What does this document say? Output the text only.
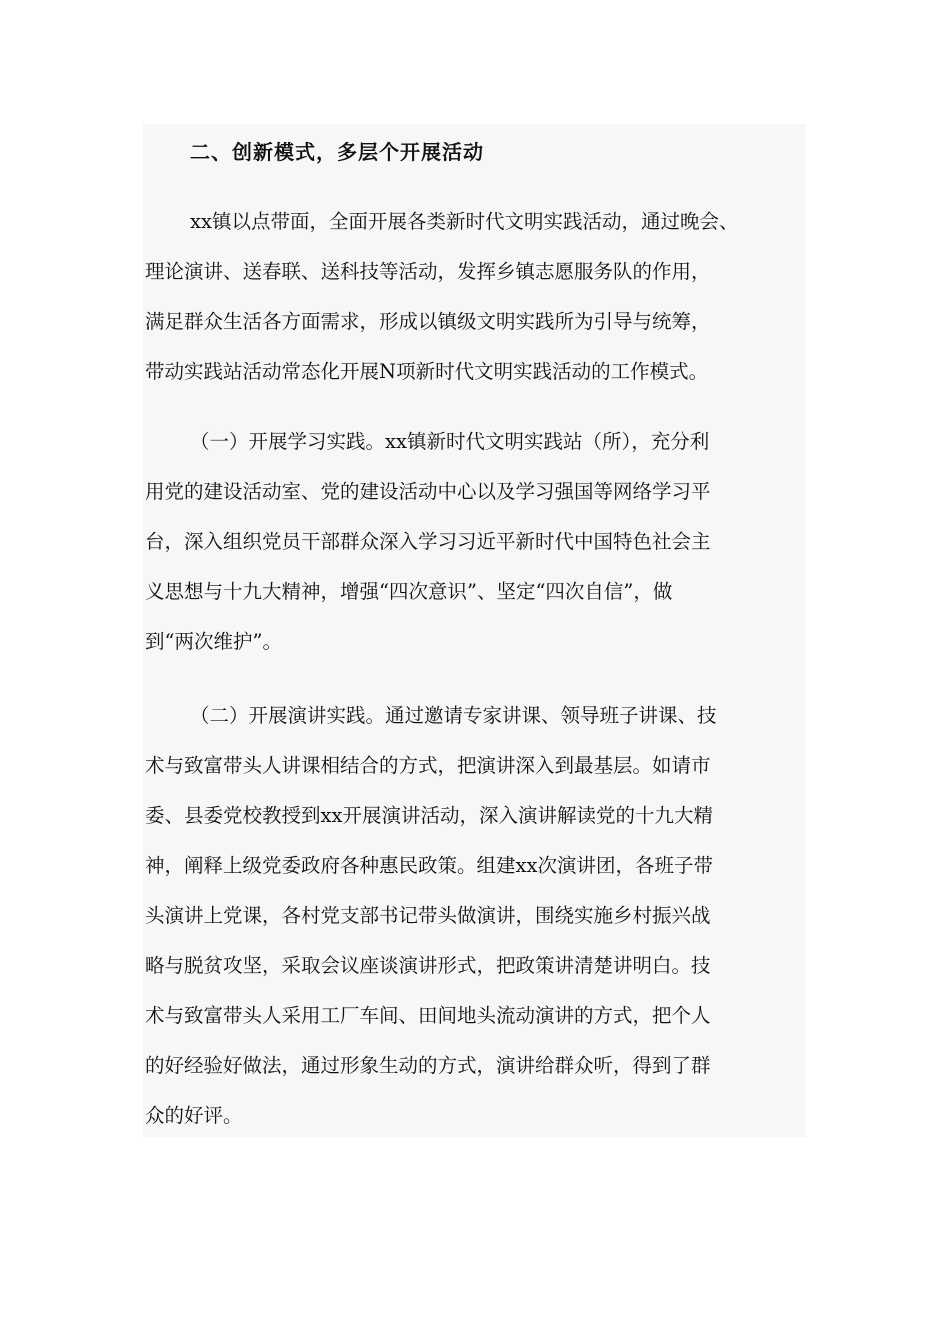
二、创新模式，多层个开展活动
xx镇以点带面，全面开展各类新时代文明实践活动，通过晚会、
理论演讲、送春联、送科技等活动，发挥乡镇志愿服务队的作用，
满足群众生活各方面需求，形成以镇级文明实践所为引导与统筹，
带动实践站活动常态化开展N项新时代文明实践活动的工作模式。
（一）开展学习实践。xx镇新时代文明实践站（所），充分利
用党的建设活动室、党的建设活动中心以及学习强国等网络学习平
台，深入组织党员干部群众深入学习习近平新时代中国特色社会主
义思想与十九大精神，增强“四次意识”、坚定“四次自信”，做
到“两次维护”。
（二）开展演讲实践。通过邀请专家讲课、领导班子讲课、技
术与致富带头人讲课相结合的方式，把演讲深入到最基层。如请市
委、县委党校教授到xx开展演讲活动，深入演讲解读党的十九大精
神，阐释上级党委政府各种惠民政策。组建xx次演讲团，各班子带
头演讲上党课，各村党支部书记带头做演讲，围绕实施乡村振兴战
略与脱贫攻坚，采取会议座谈演讲形式，把政策讲清楚讲明白。技
术与致富带头人采用工厂车间、田间地头流动演讲的方式，把个人
的好经验好做法，通过形象生动的方式，演讲给群众听，得到了群
众的好评。
